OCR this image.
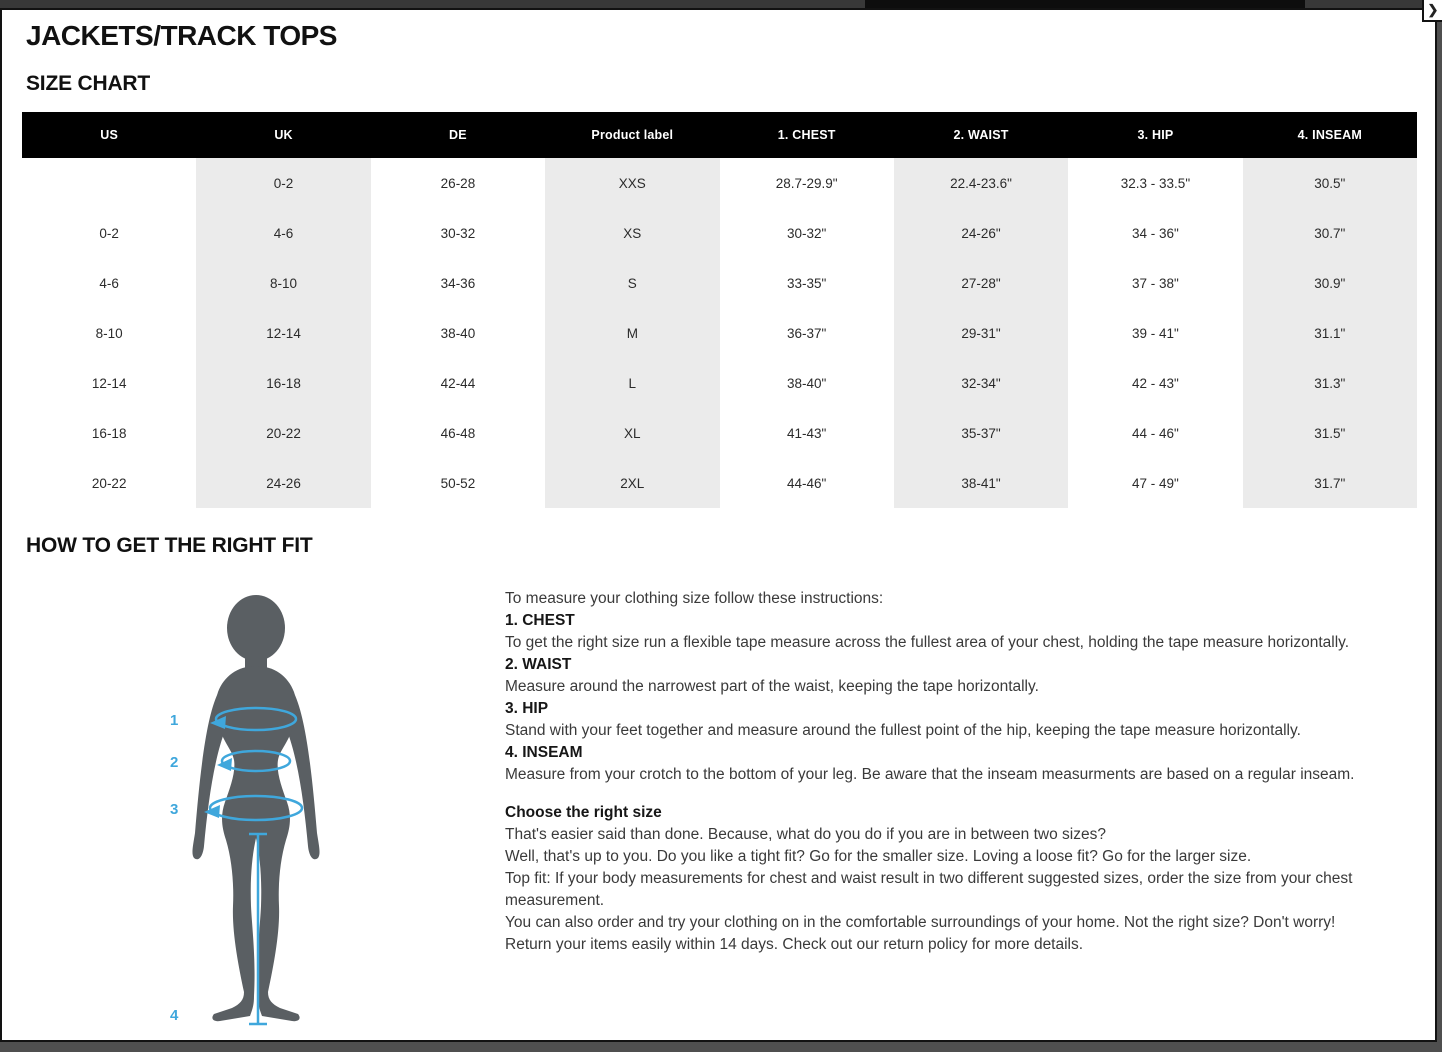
❯
JACKETS/TRACK TOPS
SIZE CHART
US	UK	DE	Product label	1. CHEST	2. WAIST	3. HIP	4. INSEAM
	0-2	26-28	XXS	28.7-29.9"	22.4-23.6"	32.3 - 33.5"	30.5"
0-2	4-6	30-32	XS	30-32"	24-26"	34 - 36"	30.7"
4-6	8-10	34-36	S	33-35"	27-28"	37 - 38"	30.9"
8-10	12-14	38-40	M	36-37"	29-31"	39 - 41"	31.1"
12-14	16-18	42-44	L	38-40"	32-34"	42 - 43"	31.3"
16-18	20-22	46-48	XL	41-43"	35-37"	44 - 46"	31.5"
20-22	24-26	50-52	2XL	44-46"	38-41"	47 - 49"	31.7"
HOW TO GET THE RIGHT FIT
1
2
3
4

To measure your clothing size follow these instructions:

1. CHEST

To get the right size run a flexible tape measure across the fullest area of your chest, holding the tape measure horizontally.

2. WAIST

Measure around the narrowest part of the waist, keeping the tape horizontally.

3. HIP

Stand with your feet together and measure around the fullest point of the hip, keeping the tape measure horizontally.

4. INSEAM

Measure from your crotch to the bottom of your leg. Be aware that the inseam measurments are based on a regular inseam.

Choose the right size

That's easier said than done. Because, what do you do if you are in between two sizes?

Well, that's up to you. Do you like a tight fit? Go for the smaller size. Loving a loose fit? Go for the larger size.

Top fit: If your body measurements for chest and waist result in two different suggested sizes, order the size from your chest measurement.

You can also order and try your clothing on in the comfortable surroundings of your home. Not the right size? Don't worry! Return your items easily within 14 days. Check out our return policy for more details.
